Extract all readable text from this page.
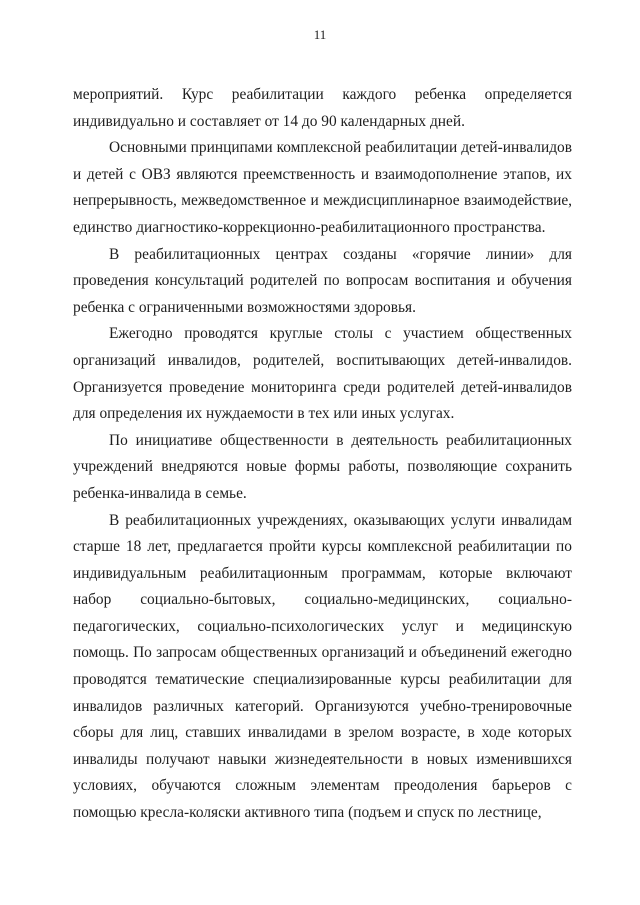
11

мероприятий. Курс реабилитации каждого ребенка определяется индивидуально и составляет от 14 до 90 календарных дней.

Основными принципами комплексной реабилитации детей-инвалидов и детей с ОВЗ являются преемственность и взаимодополнение этапов, их непрерывность, межведомственное и междисциплинарное взаимодействие, единство диагностико-коррекционно-реабилитационного пространства.

В реабилитационных центрах созданы «горячие линии» для проведения консультаций родителей по вопросам воспитания и обучения ребенка с ограниченными возможностями здоровья.

Ежегодно проводятся круглые столы с участием общественных организаций инвалидов, родителей, воспитывающих детей-инвалидов. Организуется проведение мониторинга среди родителей детей-инвалидов для определения их нуждаемости в тех или иных услугах.

По инициативе общественности в деятельность реабилитационных учреждений внедряются новые формы работы, позволяющие сохранить ребенка-инвалида в семье.

В реабилитационных учреждениях, оказывающих услуги инвалидам старше 18 лет, предлагается пройти курсы комплексной реабилитации по индивидуальным реабилитационным программам, которые включают набор социально-бытовых, социально-медицинских, социально-педагогических, социально-психологических услуг и медицинскую помощь. По запросам общественных организаций и объединений ежегодно проводятся тематические специализированные курсы реабилитации для инвалидов различных категорий. Организуются учебно-тренировочные сборы для лиц, ставших инвалидами в зрелом возрасте, в ходе которых инвалиды получают навыки жизнедеятельности в новых изменившихся условиях, обучаются сложным элементам преодоления барьеров с помощью кресла-коляски активного типа (подъем и спуск по лестнице,
